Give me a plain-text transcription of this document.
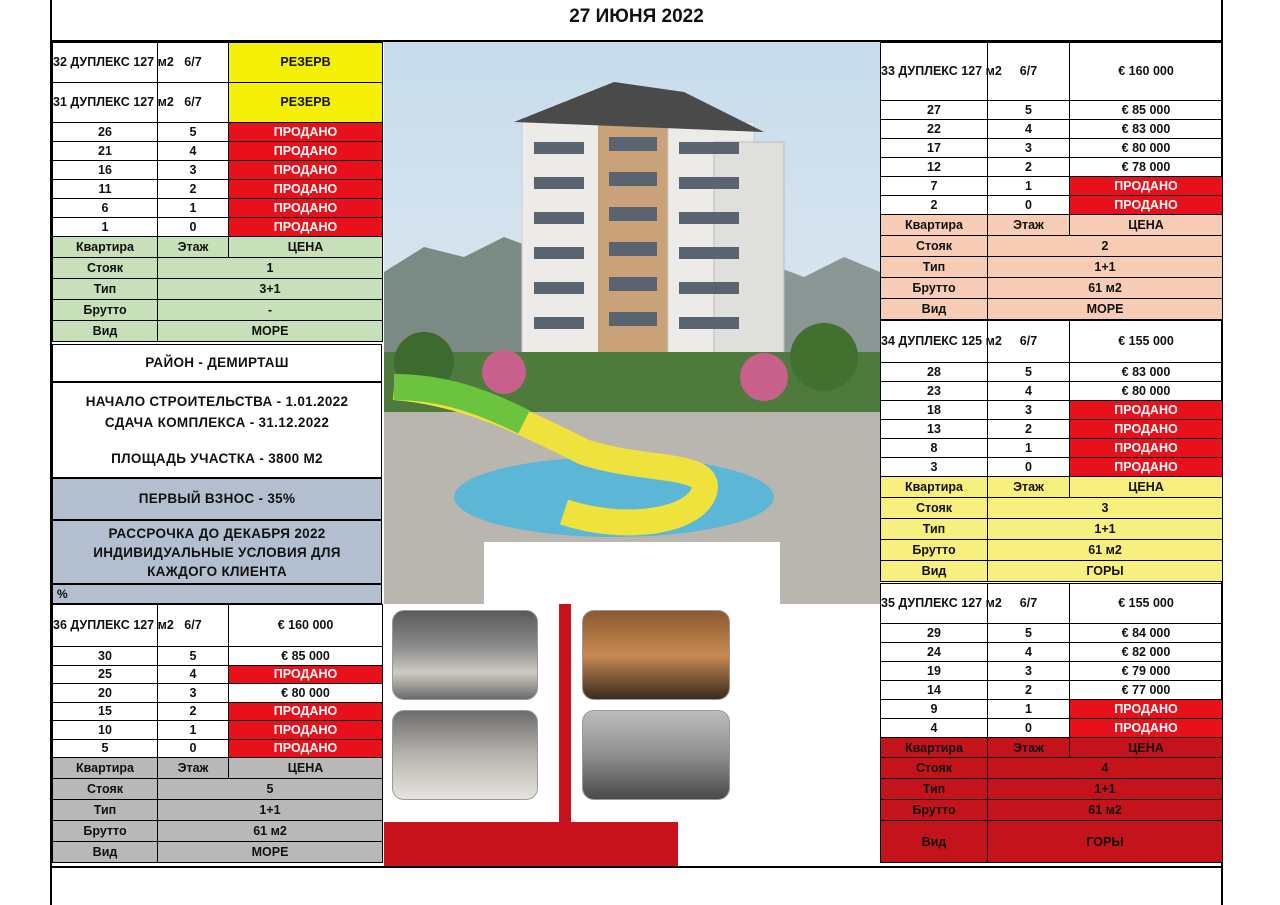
27 ИЮНЯ 2022
32 ДУПЛЕКС 127 м2	6/7	РЕЗЕРВ
31 ДУПЛЕКС 127 м2	6/7	РЕЗЕРВ
26	5	ПРОДАНО
21	4	ПРОДАНО
16	3	ПРОДАНО
11	2	ПРОДАНО
6	1	ПРОДАНО
1	0	ПРОДАНО
Квартира	Этаж	ЦЕНА
Стояк	1	
Тип	3+1	
Брутто	-	
Вид	МОРЕ	
РАЙОН - ДЕМИРТАШ
НАЧАЛО СТРОИТЕЛЬСТВА - 1.01.2022
СДАЧА КОМПЛЕКСА - 31.12.2022
ПЛОЩАДЬ УЧАСТКА - 3800 М2
ПЕРВЫЙ ВЗНОС - 35%
РАССРОЧКА ДО ДЕКАБРЯ 2022
ИНДИВИДУАЛЬНЫЕ УСЛОВИЯ ДЛЯ
КАЖДОГО КЛИЕНТА
%
36 ДУПЛЕКС 127 м2	6/7	€ 160 000
30	5	€ 85 000
25	4	ПРОДАНО
20	3	€ 80 000
15	2	ПРОДАНО
10	1	ПРОДАНО
5	0	ПРОДАНО
Квартира	Этаж	ЦЕНА
Стояк	5	
Тип	1+1	
Брутто	61 м2	
Вид	МОРЕ	
33 ДУПЛЕКС 127 м2	6/7	€ 160 000
27	5	€ 85 000
22	4	€ 83 000
17	3	€ 80 000
12	2	€ 78 000
7	1	ПРОДАНО
2	0	ПРОДАНО
Квартира	Этаж	ЦЕНА
Стояк	2	
Тип	1+1	
Брутто	61 м2	
Вид	МОРЕ	
34 ДУПЛЕКС 125 м2	6/7	€ 155 000
28	5	€ 83 000
23	4	€ 80 000
18	3	ПРОДАНО
13	2	ПРОДАНО
8	1	ПРОДАНО
3	0	ПРОДАНО
Квартира	Этаж	ЦЕНА
Стояк	3	
Тип	1+1	
Брутто	61 м2	
Вид	ГОРЫ	
35 ДУПЛЕКС 127 м2	6/7	€ 155 000
29	5	€ 84 000
24	4	€ 82 000
19	3	€ 79 000
14	2	€ 77 000
9	1	ПРОДАНО
4	0	ПРОДАНО
Квартира	Этаж	ЦЕНА
Стояк	4	
Тип	1+1	
Брутто	61 м2	
Вид	ГОРЫ	
